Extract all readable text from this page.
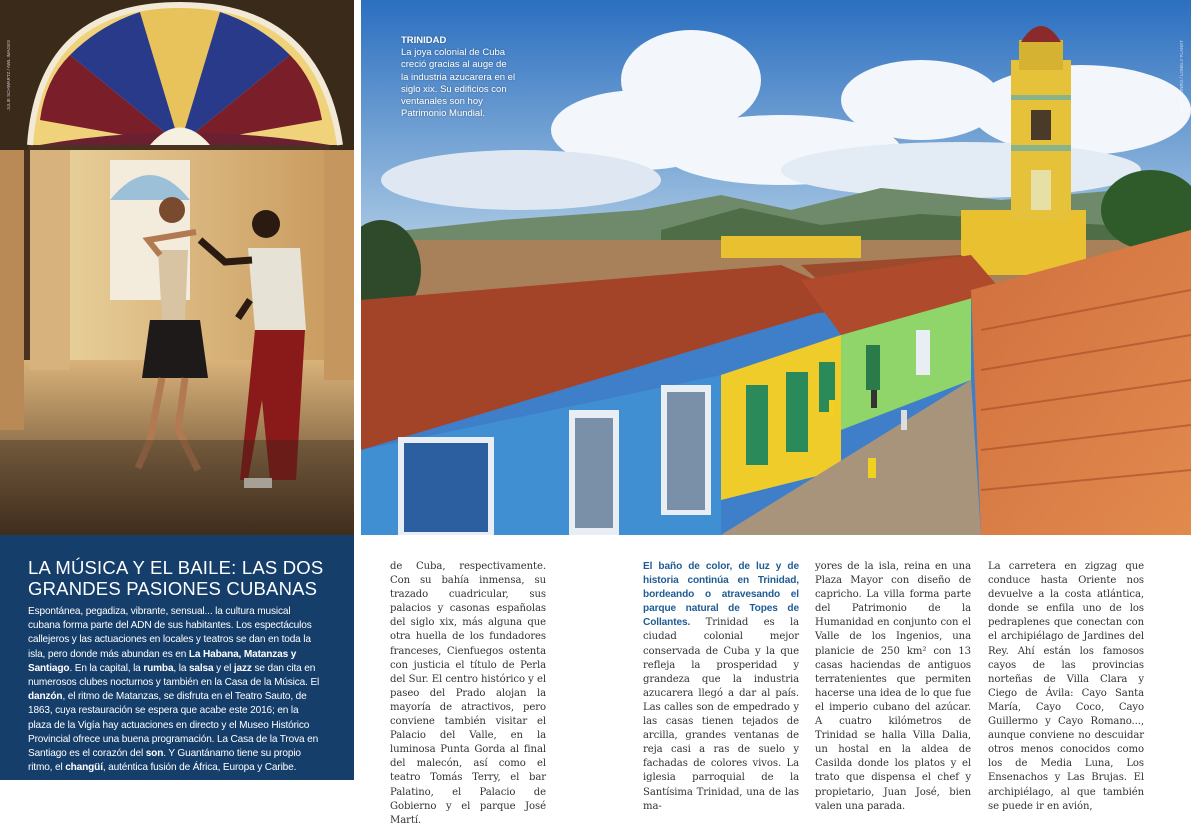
JULIE SCHWARTZ / AWL IMAGES	MATT MUNRO / LONELY PLANET

TRINIDAD
La joya colonial de Cuba creció gracias al auge de la industria azucarera en el siglo xix. Su edificios con ventanales son hoy Patrimonio Mundial.

LA MÚSICA Y EL BAILE: LAS DOS GRANDES PASIONES CUBANAS

Espontánea, pegadiza, vibrante, sensual... la cultura musical cubana forma parte del ADN de sus habitantes. Los espectáculos callejeros y las actuaciones en locales y teatros se dan en toda la isla, pero donde más abundan es en La Habana, Matanzas y Santiago. En la capital, la rumba, la salsa y el jazz se dan cita en numerosos clubes nocturnos y también en la Casa de la Música. El danzón, el ritmo de Matanzas, se disfruta en el Teatro Sauto, de 1863, cuya restauración se espera que acabe este 2016; en la plaza de la Vigía hay actuaciones en directo y el Museo Histórico Provincial ofrece una buena programación. La Casa de la Trova en Santiago es el corazón del son. Y Guantánamo tiene su propio ritmo, el changüí, auténtica fusión de África, Europa y Caribe.

de Cuba, respectivamente. Con su bahía inmensa, su trazado cuadricular, sus palacios y casonas españolas del siglo xix, más alguna que otra huella de los fundadores franceses, Cienfuegos ostenta con justicia el título de Perla del Sur. El centro histórico y el paseo del Prado alojan la mayoría de atractivos, pero conviene también visitar el Palacio del Valle, en la luminosa Punta Gorda al final del malecón, así como el teatro Tomás Terry, el bar Palatino, el Palacio de Gobierno y el parque José Martí.

El baño de color, de luz y de historia continúa en Trinidad, bordeando o atravesando el parque natural de Topes de Collantes. Trinidad es la ciudad colonial mejor conservada de Cuba y la que refleja la prosperidad y grandeza que la industria azucarera llegó a dar al país. Las calles son de empedrado y las casas tienen tejados de arcilla, grandes ventanas de reja casi a ras de suelo y fachadas de colores vivos. La iglesia parroquial de la Santísima Trinidad, una de las ma-

yores de la isla, reina en una Plaza Mayor con diseño de capricho. La villa forma parte del Patrimonio de la Humanidad en conjunto con el Valle de los Ingenios, una planicie de 250 km² con 13 casas haciendas de antiguos terratenientes que permiten hacerse una idea de lo que fue el imperio cubano del azúcar. A cuatro kilómetros de Trinidad se halla Villa Dalia, un hostal en la aldea de Casilda donde los platos y el trato que dispensa el chef y propietario, Juan José, bien valen una parada.

La carretera en zigzag que conduce hasta Oriente nos devuelve a la costa atlántica, donde se enfila uno de los pedraplenes que conectan con el archipiélago de Jardines del Rey. Ahí están los famosos cayos de las provincias norteñas de Villa Clara y Ciego de Ávila: Cayo Santa María, Cayo Coco, Cayo Guillermo y Cayo Romano..., aunque conviene no descuidar otros menos conocidos como los de Media Luna, Los Ensenachos y Las Brujas. El archipiélago, al que también se puede ir en avión,
